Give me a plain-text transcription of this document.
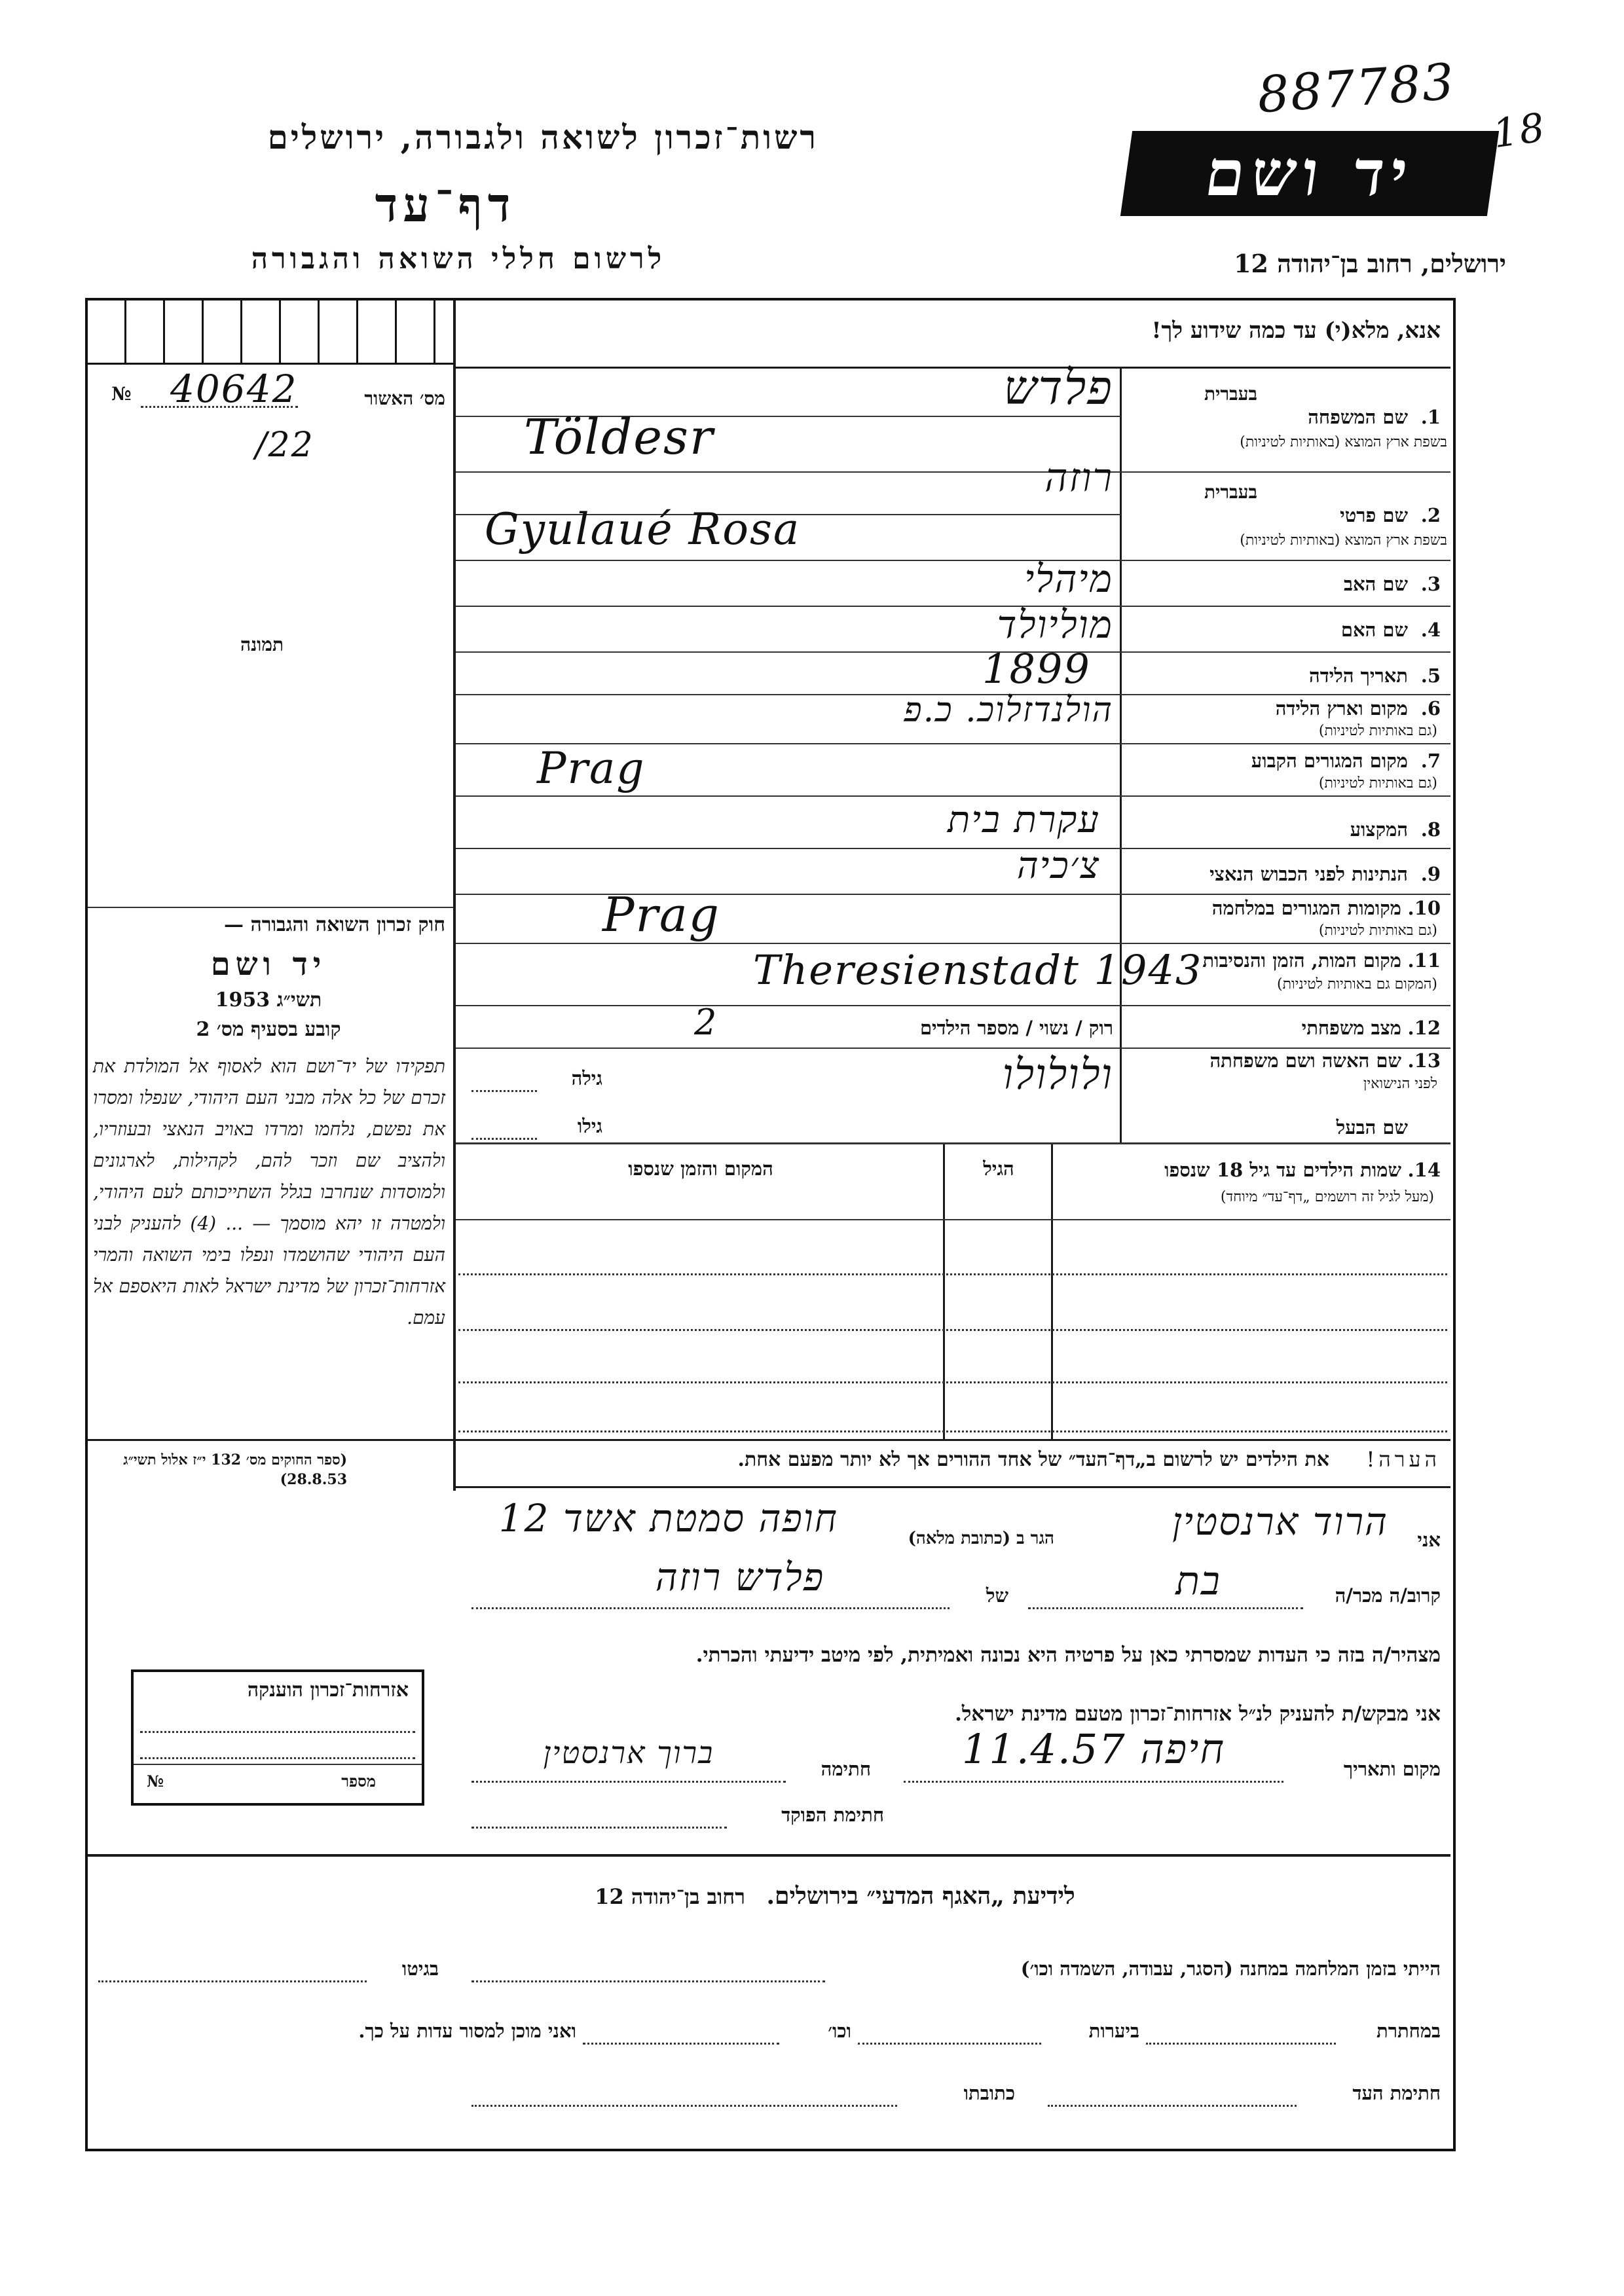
רשות־זכרון לשואה ולגבורה, ירושלים
דף־עד
לרשום חללי השואה והגבורה
יד ושם
887783
18
ירושלים, רחוב בן־יהודה 12
אנא, מלא(י) עד כמה שידוע לך!
№ 40642	מס׳ האשור
/22
תמונה
בעברית
1.
שם המשפחה
בשפת ארץ המוצא (באותיות לטיניות)
פלדש
Töldesr
בעברית
2.
שם פרטי
בשפת ארץ המוצא (באותיות לטיניות)
רוזה
Gyulaué Rosa
3.
שם האב
מיהלי
4.
שם האם
מוליולד
5.
תאריך הלידה
1899
6.
מקום וארץ הלידה
(גם באותיות לטיניות)
הולנדזלוכ. כ.פ
7.
מקום המגורים הקבוע
(גם באותיות לטיניות)
Prag
8.
המקצוע
עקרת בית
9.
הנתינות לפני הכבוש הנאצי
צ׳כיה
10.
מקומות המגורים במלחמה
(גם באותיות לטיניות)
Prag
11.
מקום המות, הזמן והנסיבות
(המקום גם באותיות לטיניות)
Theresienstadt 1943
12.
מצב משפחתי
רוק / נשוי / מספר הילדים
2
13.
שם האשה ושם משפחתה
לפני הנישואין
ולולולו
גילה
שם הבעל
גילו
14.
שמות הילדים עד גיל 18 שנספו
(מעל לגיל זה רושמים „דף־עד״ מיוחד)
הגיל
המקום והזמן שנספו
חוק זכרון השואה והגבורה —
יד ושם
תשי״ג 1953
קובע בסעיף מס׳ 2
תפקידו של יד־ושם הוא לאסוף אל המולדת את זכרם של כל אלה מבני העם היהודי, שנפלו ומסרו את נפשם, נלחמו ומרדו באויב הנאצי ובעוזריו, ולהציב שם וזכר להם, לקהילות, לארגונים ולמוסדות שנחרבו בגלל השתייכותם לעם היהודי, ולמטרה זו יהא מוסמך — ... (4) להעניק לבני העם היהודי שהושמדו ונפלו בימי השואה והמרי אזרחות־זכרון של מדינת ישראל לאות היאספם אל עמם.
(ספר החוקים מס׳ 132 י״ז אלול תשי״ג 28.8.53)
הערה!
את הילדים יש לרשום ב„דף־העד״ של אחד ההורים אך לא יותר מפעם אחת.
אני
הרוד ארנסטין
הגר ב (כתובת מלאה)
חופה סמטת אשד 12
קרוב/ה מכר/ה
בת
של
פלדש רוזה
מצהיר/ה בזה כי העדות שמסרתי כאן על פרטיה היא נכונה ואמיתית, לפי מיטב ידיעתי והכרתי.
אני מבקש/ת להעניק לנ״ל אזרחות־זכרון מטעם מדינת ישראל.
מקום ותאריך
חיפה 11.4.57
חתימה
ברוך ארנסטין
חתימת הפוקד
אזרחות־זכרון הוענקה
מספר
№
לידיעת „האגף המדעי״ בירושלים. רחוב בן־יהודה 12
הייתי בזמן המלחמה במחנה (הסגר, עבודה, השמדה וכו׳)
בגיטו
במחתרת
ביערות
וכו׳
ואני מוכן למסור עדות על כך.
חתימת העד
כתובתו
